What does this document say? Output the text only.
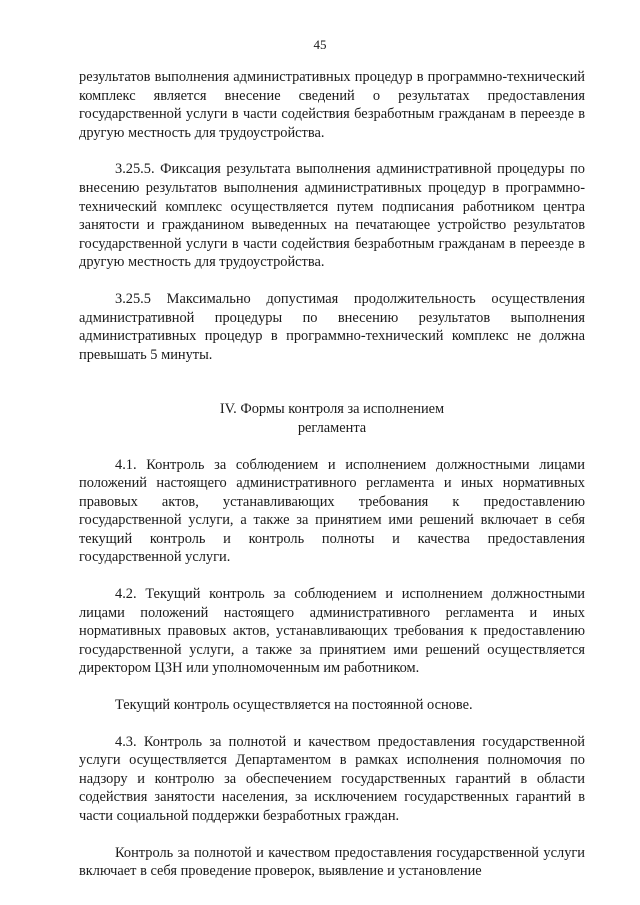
45

результатов выполнения административных процедур в программно-технический комплекс является внесение сведений о результатах предоставления государственной услуги в части содействия безработным гражданам в переезде в другую местность для трудоустройства.

3.25.5. Фиксация результата выполнения административной процедуры по внесению результатов выполнения административных процедур в программно-технический комплекс осуществляется путем подписания работником центра занятости и гражданином выведенных на печатающее устройство результатов государственной услуги в части содействия безработным гражданам в переезде в другую местность для трудоустройства.

3.25.5 Максимально допустимая продолжительность осуществления административной процедуры по внесению результатов выполнения административных процедур в программно-технический комплекс не должна превышать 5 минуты.

IV. Формы контроля за исполнением
регламента

4.1. Контроль за соблюдением и исполнением должностными лицами положений настоящего административного регламента и иных нормативных правовых актов, устанавливающих требования к предоставлению государственной услуги, а также за принятием ими решений включает в себя текущий контроль и контроль полноты и качества предоставления государственной услуги.

4.2. Текущий контроль за соблюдением и исполнением должностными лицами положений настоящего административного регламента и иных нормативных правовых актов, устанавливающих требования к предоставлению государственной услуги, а также за принятием ими решений осуществляется директором ЦЗН или уполномоченным им работником.

Текущий контроль осуществляется на постоянной основе.

4.3. Контроль за полнотой и качеством предоставления государственной услуги осуществляется Департаментом в рамках исполнения полномочия по надзору и контролю за обеспечением государственных гарантий в области содействия занятости населения, за исключением государственных гарантий в части социальной поддержки безработных граждан.

Контроль за полнотой и качеством предоставления государственной услуги включает в себя проведение проверок, выявление и установление
